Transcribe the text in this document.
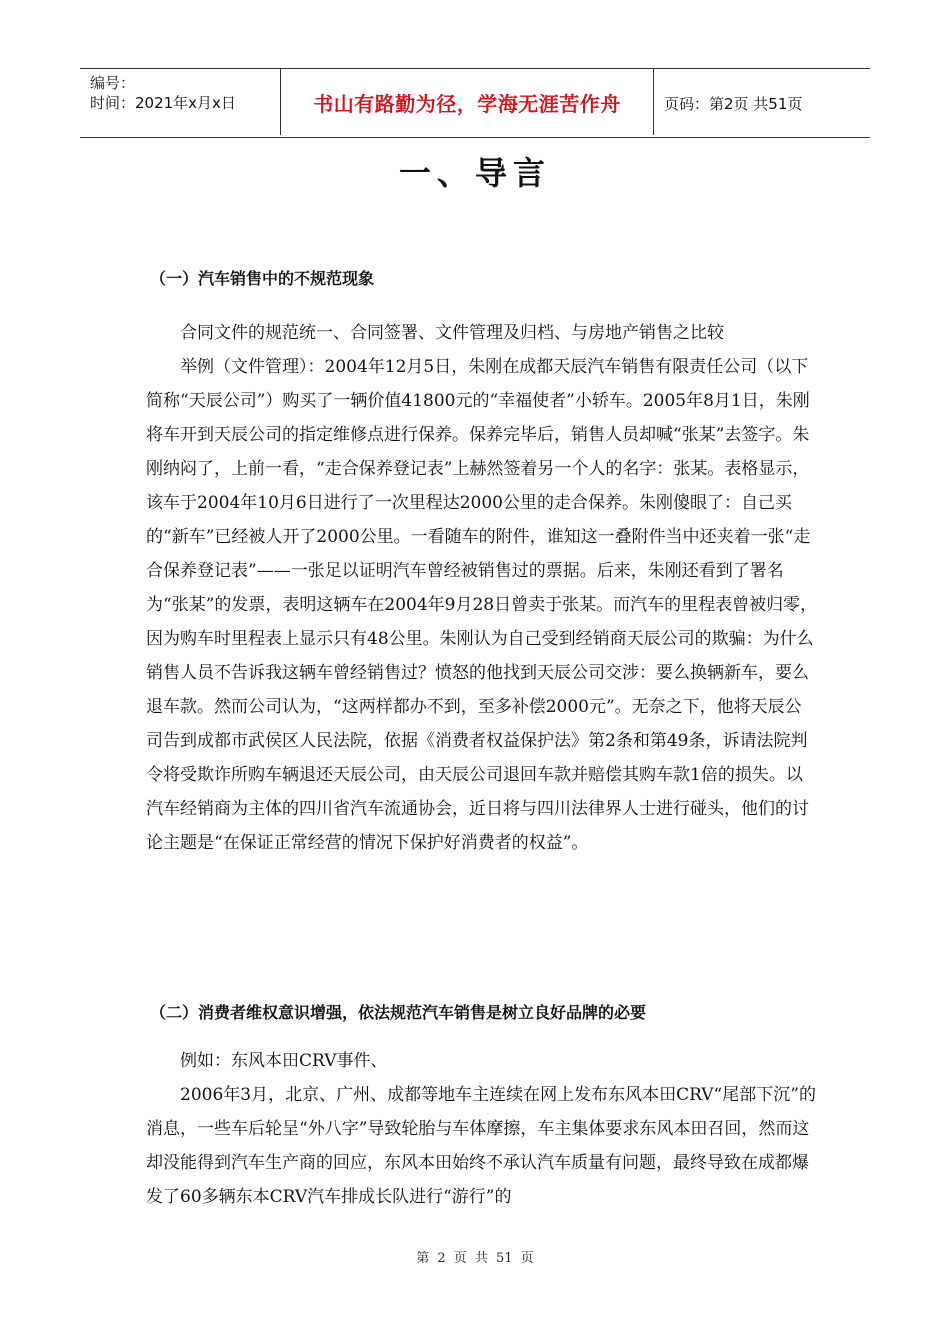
编号：
时间：2021年x月x日	书山有路勤为径，学海无涯苦作舟	页码：第2页 共51页
一、导言
（一）汽车销售中的不规范现象

合同文件的规范统一、合同签署、文件管理及归档、与房地产销售之比较

举例（文件管理）：2004年12月5日，朱刚在成都天辰汽车销售有限责任公司（以下简称“天辰公司”）购买了一辆价值41800元的“幸福使者”小轿车。2005年8月1日，朱刚将车开到天辰公司的指定维修点进行保养。保养完毕后，销售人员却喊“张某”去签字。朱刚纳闷了，上前一看，“走合保养登记表”上赫然签着另一个人的名字：张某。表格显示，该车于2004年10月6日进行了一次里程达2000公里的走合保养。朱刚傻眼了：自己买的“新车”已经被人开了2000公里。一看随车的附件，谁知这一叠附件当中还夹着一张“走合保养登记表”——一张足以证明汽车曾经被销售过的票据。后来，朱刚还看到了署名为“张某”的发票，表明这辆车在2004年9月28日曾卖于张某。而汽车的里程表曾被归零，因为购车时里程表上显示只有48公里。朱刚认为自己受到经销商天辰公司的欺骗：为什么销售人员不告诉我这辆车曾经销售过？愤怒的他找到天辰公司交涉：要么换辆新车，要么退车款。然而公司认为，“这两样都办不到，至多补偿2000元”。无奈之下，他将天辰公司告到成都市武侯区人民法院，依据《消费者权益保护法》第2条和第49条，诉请法院判令将受欺诈所购车辆退还天辰公司，由天辰公司退回车款并赔偿其购车款1倍的损失。以汽车经销商为主体的四川省汽车流通协会，近日将与四川法律界人士进行碰头，他们的讨论主题是“在保证正常经营的情况下保护好消费者的权益”。

（二）消费者维权意识增强，依法规范汽车销售是树立良好品牌的必要

例如：东风本田CRV事件、

2006年3月，北京、广州、成都等地车主连续在网上发布东风本田CRV“尾部下沉”的消息，一些车后轮呈“外八字”导致轮胎与车体摩擦，车主集体要求东风本田召回，然而这却没能得到汽车生产商的回应，东风本田始终不承认汽车质量有问题，最终导致在成都爆发了60多辆东本CRV汽车排成长队进行“游行”的

第 2 页 共 51 页
